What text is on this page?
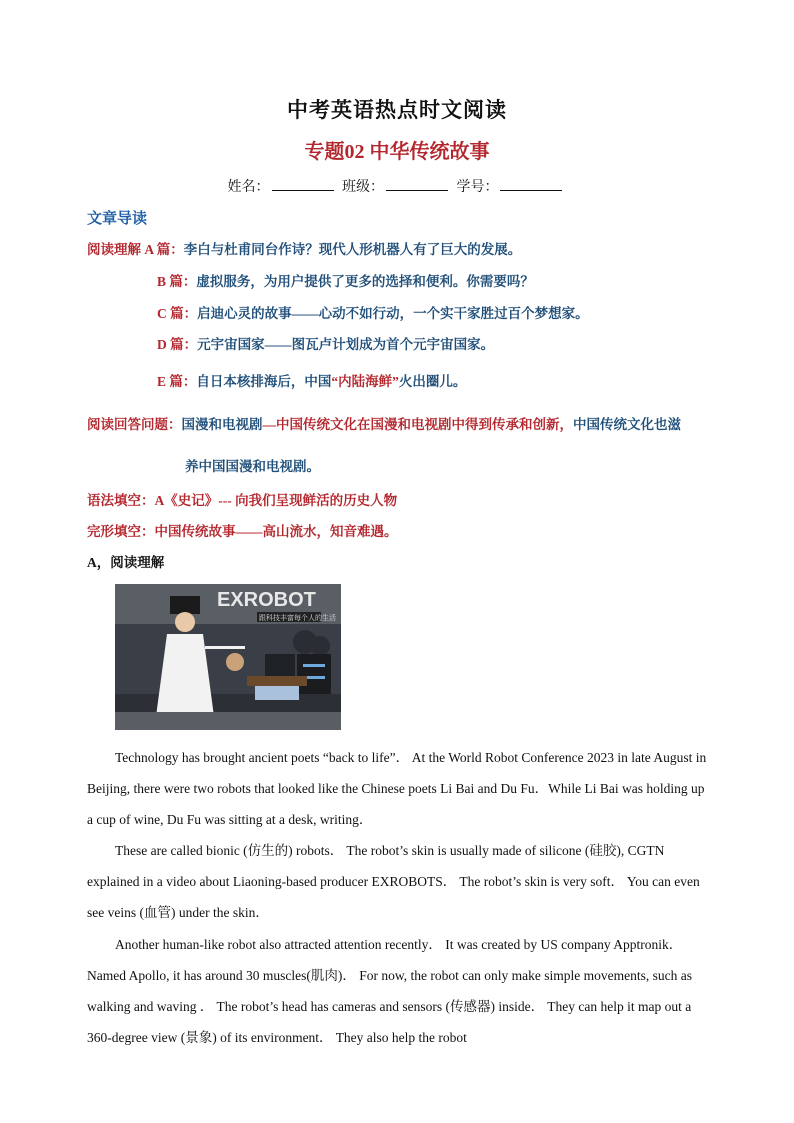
中考英语热点时文阅读
专题02 中华传统故事
姓名：	班级：	学号：
文章导读
阅读理解 A 篇：李白与杜甫同台作诗？现代人形机器人有了巨大的发展。
B 篇：虚拟服务，为用户提供了更多的选择和便利。你需要吗？
C 篇：启迪心灵的故事——心动不如行动，一个实干家胜过百个梦想家。
D 篇：元宇宙国家——图瓦卢计划成为首个元宇宙国家。
E 篇：自日本核排海后，中国“内陆海鲜”火出圈儿。
阅读回答问题：国漫和电视剧—中国传统文化在国漫和电视剧中得到传承和创新，中国传统文化也滋
养中国国漫和电视剧。
语法填空：A《史记》--- 向我们呈现鲜活的历史人物
完形填空：中国传统故事——高山流水，知音难遇。
A，阅读理解
EXROBOT
跟科技丰富每个人的生活
Technology has brought ancient poets “back to life”． At the World Robot Conference 2023 in late August in Beijing, there were two robots that looked like the Chinese poets Li Bai and Du Fu．While Li Bai was holding up a cup of wine, Du Fu was sitting at a desk, writing．
These are called bionic (仿生的) robots． The robot’s skin is usually made of silicone (硅胶), CGTN explained in a video about Liaoning-based producer EXROBOTS． The robot’s skin is very soft． You can even see veins (血管) under the skin．
Another human-like robot also attracted attention recently． It was created by US company Apptronik． Named Apollo, it has around 30 muscles(肌肉)． For now, the robot can only make simple movements, such as walking and waving ． The robot’s head has cameras and sensors (传感器) inside． They can help it map out a 360-degree view (景象) of its environment． They also help the robot
